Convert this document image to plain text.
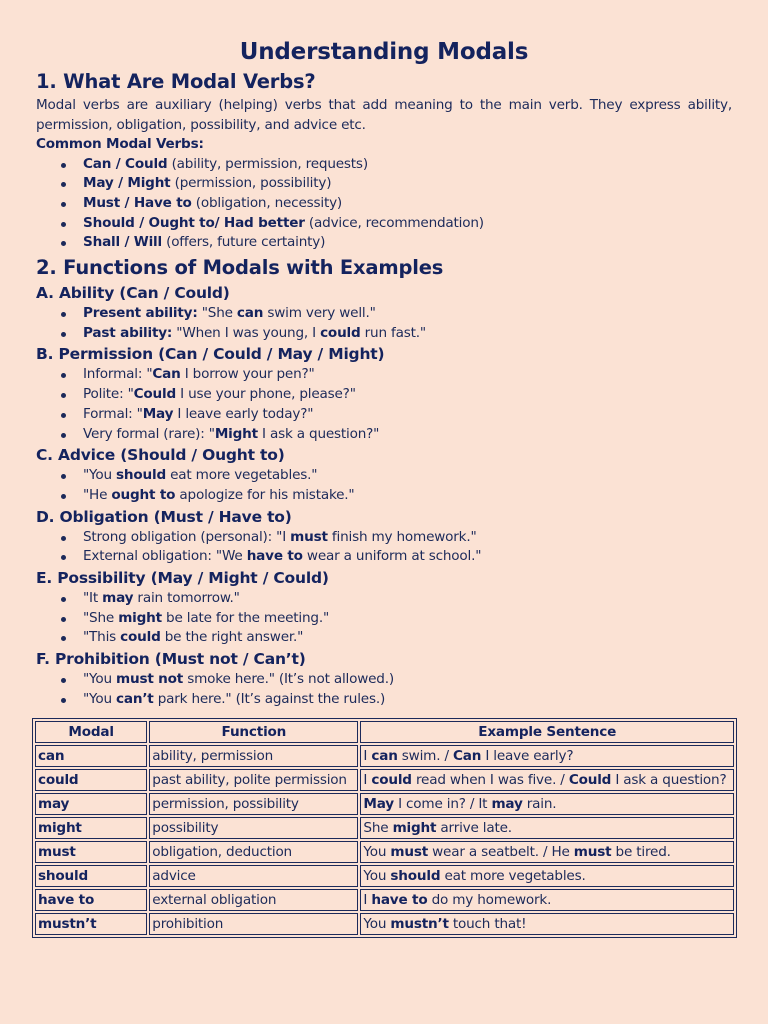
Understanding Modals
1. What Are Modal Verbs?

Modal verbs are auxiliary (helping) verbs that add meaning to the main verb. They express ability, permission, obligation, possibility, and advice etc.

Common Modal Verbs:
Can / Could (ability, permission, requests)
May / Might (permission, possibility)
Must / Have to (obligation, necessity)
Should / Ought to/ Had better (advice, recommendation)
Shall / Will (offers, future certainty)
2. Functions of Modals with Examples
A. Ability (Can / Could)
Present ability: "She can swim very well."
Past ability: "When I was young, I could run fast."
B. Permission (Can / Could / May / Might)
Informal: "Can I borrow your pen?"
Polite: "Could I use your phone, please?"
Formal: "May I leave early today?"
Very formal (rare): "Might I ask a question?"
C. Advice (Should / Ought to)
"You should eat more vegetables."
"He ought to apologize for his mistake."
D. Obligation (Must / Have to)
Strong obligation (personal): "I must finish my homework."
External obligation: "We have to wear a uniform at school."
E. Possibility (May / Might / Could)
"It may rain tomorrow."
"She might be late for the meeting."
"This could be the right answer."
F. Prohibition (Must not / Can’t)
"You must not smoke here." (It’s not allowed.)
"You can’t park here." (It’s against the rules.)
Modal	Function	Example Sentence
can	ability, permission	I can swim. / Can I leave early?
could	past ability, polite permission	I could read when I was five. / Could I ask a question?
may	permission, possibility	May I come in? / It may rain.
might	possibility	She might arrive late.
must	obligation, deduction	You must wear a seatbelt. / He must be tired.
should	advice	You should eat more vegetables.
have to	external obligation	I have to do my homework.
mustn’t	prohibition	You mustn’t touch that!
